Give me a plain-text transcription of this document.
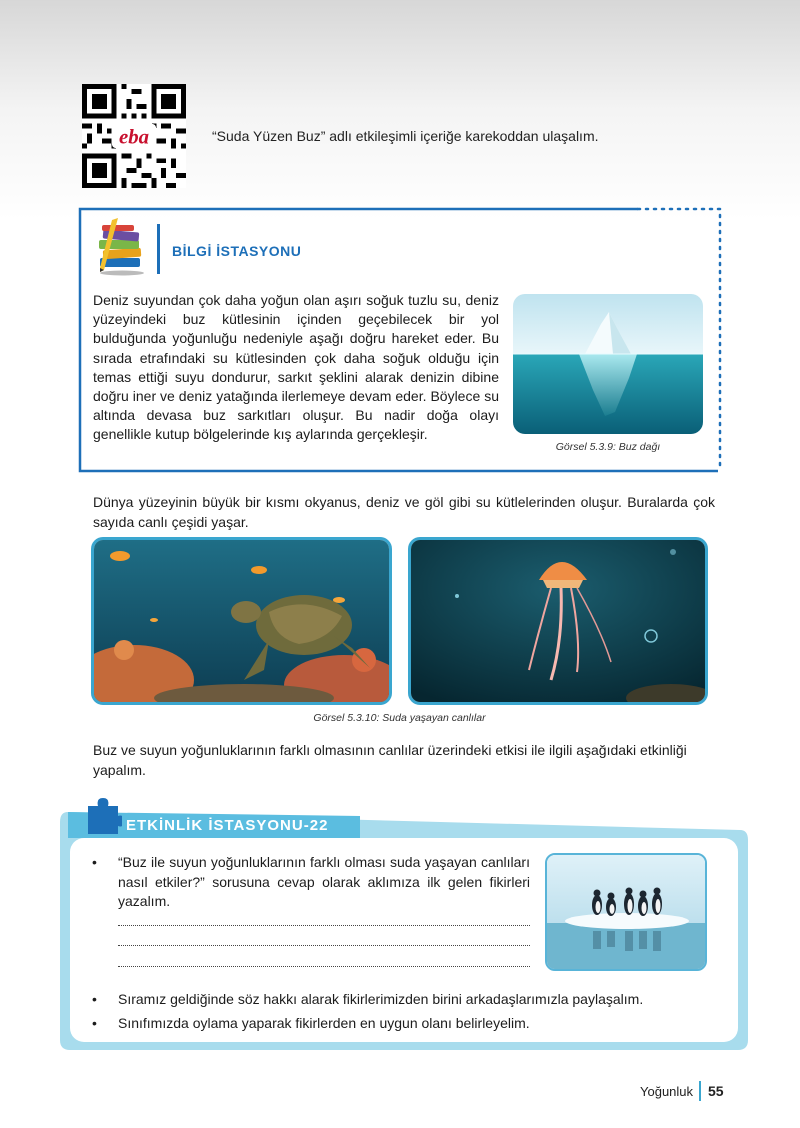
eba	“Suda Yüzen Buz” adlı etkileşimli içeriğe karekoddan ulaşalım.
BİLGİ İSTASYONU
Deniz suyundan çok daha yoğun olan aşırı soğuk tuzlu su, deniz yüzeyindeki buz kütlesinin içinden geçebilecek bir yol bulduğunda yoğunluğu nedeniyle aşağı doğru hareket eder. Bu sırada etrafındaki su kütlesinden çok daha soğuk olduğu için temas ettiği suyu dondurur, sarkıt şeklini alarak denizin dibine doğru iner ve deniz yatağında ilerlemeye devam eder. Böylece su altında devasa buz sarkıtları oluşur. Bu nadir doğa olayı genellikle kutup bölgelerinde kış aylarında gerçekleşir.
Görsel 5.3.9: Buz dağı
Dünya yüzeyinin büyük bir kısmı okyanus, deniz ve göl gibi su kütlelerinden oluşur. Buralarda çok sayıda canlı çeşidi yaşar.
Görsel 5.3.10: Suda yaşayan canlılar
Buz ve suyun yoğunluklarının farklı olmasının canlılar üzerindeki etkisi ile ilgili aşağıdaki etkinliği yapalım.
ETKİNLİK İSTASYONU-22
• “Buz ile suyun yoğunluklarının farklı olması suda yaşayan canlıları nasıl etkiler?” sorusuna cevap olarak aklımıza ilk gelen fikirleri yazalım.
• Sıramız geldiğinde söz hakkı alarak fikirlerimizden birini arkadaşlarımızla paylaşalım.
• Sınıfımızda oylama yaparak fikirlerden en uygun olanı belirleyelim.
Yoğunluk 55
